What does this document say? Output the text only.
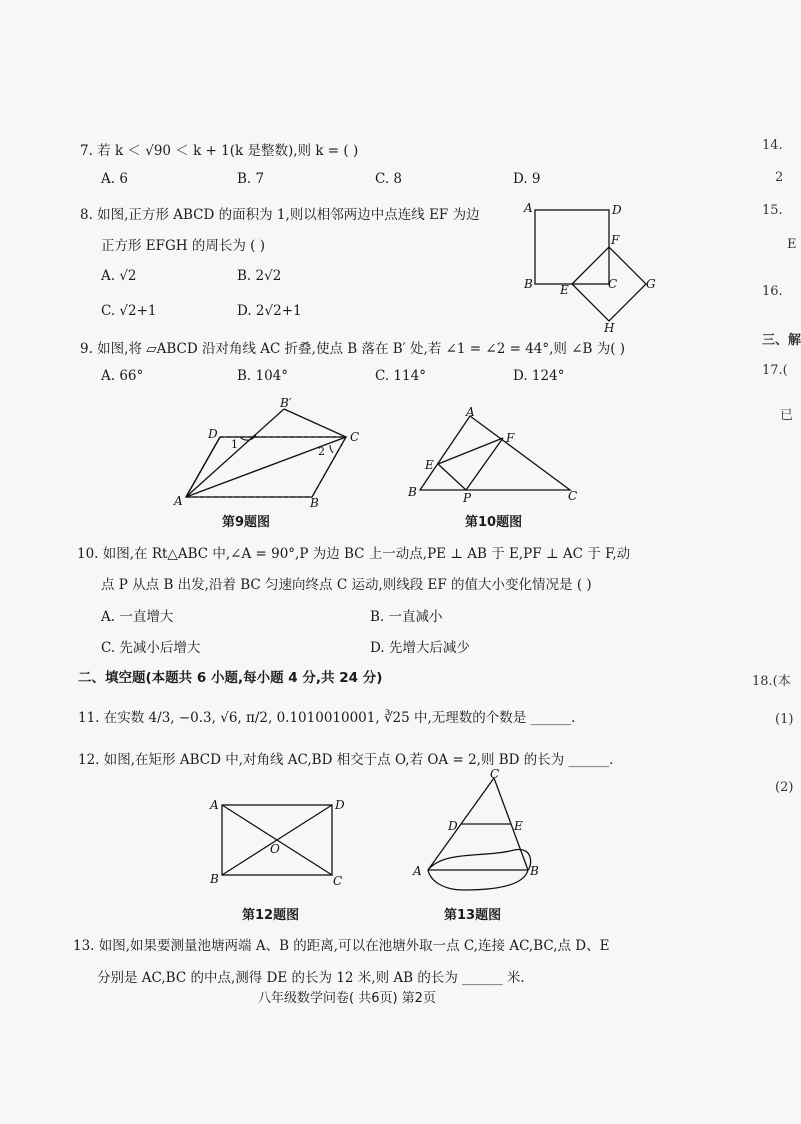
7. 若 k ＜ √90 ＜ k + 1(k 是整数),则 k = ( )
A. 6	B. 7	C. 8	D. 9
8. 如图,正方形 ABCD 的面积为 1,则以相邻两边中点连线 EF 为边
正方形 EFGH 的周长为 ( )
A. √2	B. 2√2
C. √2+1	D. 2√2+1
A	D
B E	C
F
G
H
9. 如图,将 ▱ABCD 沿对角线 AC 折叠,使点 B 落在 B′ 处,若 ∠1 = ∠2 = 44°,则 ∠B 为( )
A. 66°	B. 104°	C. 114°	D. 124°
A	B
C
D
B′
1
2
第9题图
A
B	C
P
E
F
第10题图
10. 如图,在 Rt△ABC 中,∠A = 90°,P 为边 BC 上一动点,PE ⊥ AB 于 E,PF ⊥ AC 于 F,动
点 P 从点 B 出发,沿着 BC 匀速向终点 C 运动,则线段 EF 的值大小变化情况是 ( )
A. 一直增大	B. 一直减小
C. 先减小后增大	D. 先增大后减少
二、填空题(本题共 6 小题,每小题 4 分,共 24 分)
11. 在实数 4/3, −0.3, √6, π/2, 0.1010010001, ∛25 中,无理数的个数是 ______.
12. 如图,在矩形 ABCD 中,对角线 AC,BD 相交于点 O,若 OA = 2,则 BD 的长为 ______.
A
B	C
D
O
第12题图
C
D	E
A	B
第13题图
13. 如图,如果要测量池塘两端 A、B 的距离,可以在池塘外取一点 C,连接 AC,BC,点 D、E
分别是 AC,BC 的中点,测得 DE 的长为 12 米,则 AB 的长为 ______ 米.
八年级数学问卷( 共6页) 第2页
14.
2
15.
E
16.
三、解
17.(
已
18.(本
(1)
(2)
